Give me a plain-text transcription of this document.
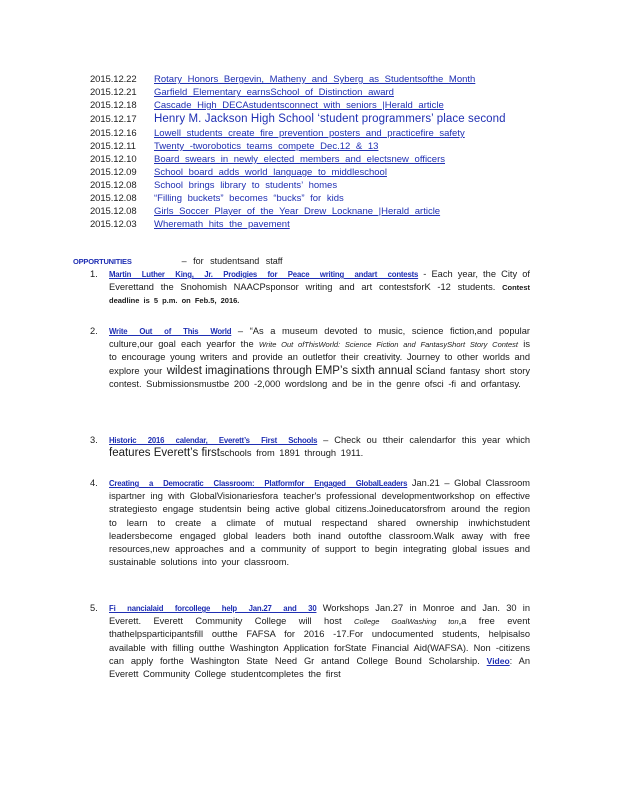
2015.12.22	Rotary Honors Bergevin, Matheny and Syberg as Studentsofthe Month
2015.12.21	Garfield Elementary earnsSchool of Distinction award
2015.12.18	Cascade High DECAstudentsconnect with seniors |Herald article
2015.12.17	Henry M. Jackson High School ‘student programmers’ place second
2015.12.16	Lowell students create fire prevention posters and practicefire safety
2015.12.11	Twenty -tworobotics teams compete Dec.12 & 13
2015.12.10	Board swears in newly elected members and electsnew officers
2015.12.09	School board adds world language to middleschool
2015.12.08	School brings library to students’ homes
2015.12.08	“Filling buckets” becomes “bucks” for kids
2015.12.08	Girls Soccer Player of the Year Drew Locknane |Herald article
2015.12.03	Wheremath hits the pavement
OPPORTUNITIES	– for studentsand staff
1.	Martin Luther King, Jr. Prodigies for Peace writing andart contests - Each year, the City of Everettand the Snohomish NAACPsponsor writing and art contestsforK -12 students. Contest deadline is 5 p.m. on Feb.5, 2016.
2.	Write Out of This World – “As a museum devoted to music, science fiction,and popular culture,our goal each yearfor the Write Out ofThisWorld: Science Fiction and FantasyShort Story Contest is to encourage young writers and provide an outletfor their creativity. Journey to other worlds and explore your wildest imaginations through EMP’s sixth annual sciand fantasy short story contest. Submissionsmustbe 200 -2,000 wordslong and be in the genre ofsci -fi and orfantasy.
3.	Historic 2016 calendar, Everett’s First Schools – Check ou ttheir calendarfor this year which features Everett’s firstschools from 1891 through 1911.
4.	Creating a Democratic Classroom: Platformfor Engaged GlobalLeaders Jan.21 – Global Classroom ispartner ing with GlobalVisionariesfora teacher's professional developmentworkshop on effective strategiesto engage studentsin being active global citizens.Joineducatorsfrom around the region to learn to create a climate of mutual respectand shared ownership inwhichstudent leadersbecome engaged global leaders both inand outofthe classroom.Walk away with free resources,new approaches and a community of support to begin integrating global issues and sustainable solutions into your classroom.
5.	Fi nancialaid forcollege help Jan.27 and 30 Workshops Jan.27 in Monroe and Jan. 30 in Everett. Everett Community College will host College GoalWashing ton,a free event thathelpsparticipantsfill outthe FAFSA for 2016 -17.For undocumented students, helpisalso available with filling outthe Washington Application forState Financial Aid(WAFSA). Non -citizens can apply forthe Washington State Need Gr antand College Bound Scholarship. Video: An Everett Community College studentcompletes the first
